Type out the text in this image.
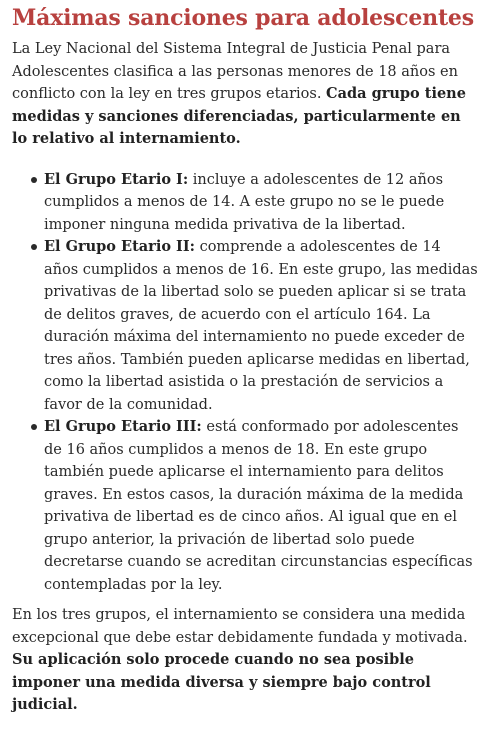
Máximas sanciones para adolescentes

La Ley Nacional del Sistema Integral de Justicia Penal para Adolescentes clasifica a las personas menores de 18 años en conflicto con la ley en tres grupos etarios. Cada grupo tiene medidas y sanciones diferenciadas, particularmente en lo relativo al internamiento.

El Grupo Etario I: incluye a adolescentes de 12 años cumplidos a menos de 14. A este grupo no se le puede imponer ninguna medida privativa de la libertad.
El Grupo Etario II: comprende a adolescentes de 14 años cumplidos a menos de 16. En este grupo, las medidas privativas de la libertad solo se pueden aplicar si se trata de delitos graves, de acuerdo con el artículo 164. La duración máxima del internamiento no puede exceder de tres años. También pueden aplicarse medidas en libertad, como la libertad asistida o la prestación de servicios a favor de la comunidad.
El Grupo Etario III: está conformado por adolescentes de 16 años cumplidos a menos de 18. En este grupo también puede aplicarse el internamiento para delitos graves. En estos casos, la duración máxima de la medida privativa de libertad es de cinco años. Al igual que en el grupo anterior, la privación de libertad solo puede decretarse cuando se acreditan circunstancias específicas contempladas por la ley.

En los tres grupos, el internamiento se considera una medida excepcional que debe estar debidamente fundada y motivada. Su aplicación solo procede cuando no sea posible imponer una medida diversa y siempre bajo control judicial.
